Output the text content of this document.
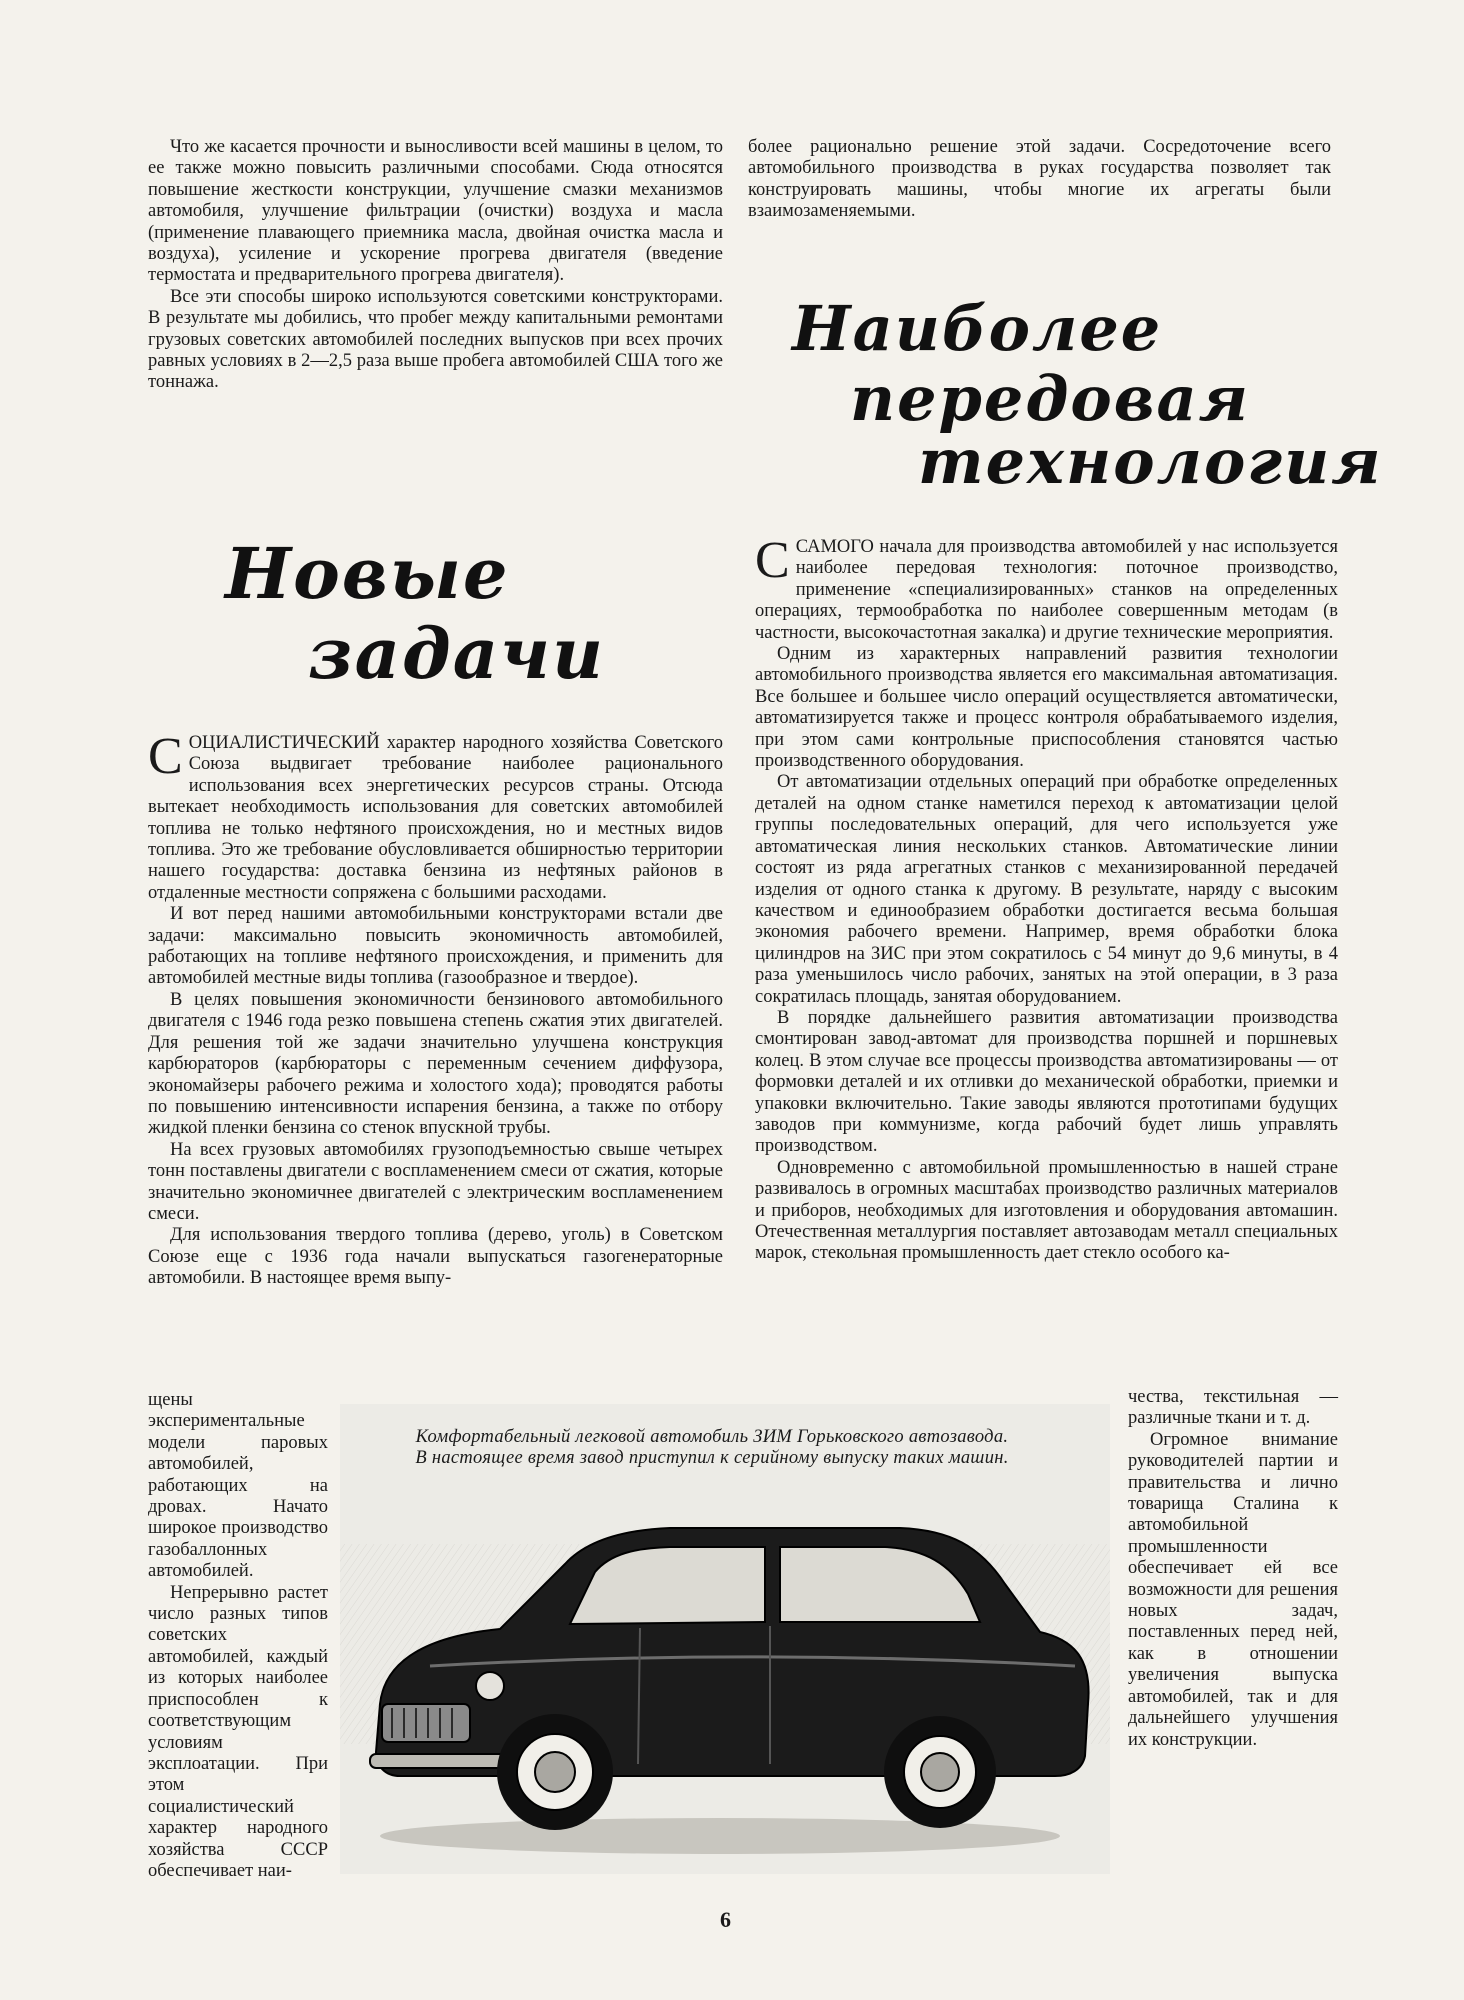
Что же касается прочности и выносливости всей машины в целом, то ее также можно повысить различными способами. Сюда относятся повышение жесткости конструкции, улучшение смазки механизмов автомобиля, улучшение фильтрации (очистки) воздуха и масла (применение плавающего приемника масла, двойная очистка масла и воздуха), усиление и ускорение прогрева двигателя (введение термостата и предварительного прогрева двигателя).

Все эти способы широко используются советскими конструкторами. В результате мы добились, что пробег между капитальными ремонтами грузовых советских автомобилей последних выпусков при всех прочих равных условиях в 2—2,5 раза выше пробега автомобилей США того же тоннажа.

более рационально решение этой задачи. Сосредоточение всего автомобильного производства в руках государства позволяет так конструировать машины, чтобы многие их агрегаты были взаимозаменяемыми.

Наиболее
передовая
технология
Новые
задачи

ССАМОГО начала для производства автомобилей у нас используется наиболее передовая технология: поточное производство, применение «специализированных» станков на определенных операциях, термообработка по наиболее совершенным методам (в частности, высокочастотная закалка) и другие технические мероприятия.

Одним из характерных направлений развития технологии автомобильного производства является его максимальная автоматизация. Все большее и большее число операций осуществляется автоматически, автоматизируется также и процесс контроля обрабатываемого изделия, при этом сами контрольные приспособления становятся частью производственного оборудования.

От автоматизации отдельных операций при обработке определенных деталей на одном станке наметился переход к автоматизации целой группы последовательных операций, для чего используется уже автоматическая линия нескольких станков. Автоматические линии состоят из ряда агрегатных станков с механизированной передачей изделия от одного станка к другому. В результате, наряду с высоким качеством и единообразием обработки достигается весьма большая экономия рабочего времени. Например, время обработки блока цилиндров на ЗИС при этом сократилось с 54 минут до 9,6 минуты, в 4 раза уменьшилось число рабочих, занятых на этой операции, в 3 раза сократилась площадь, занятая оборудованием.

В порядке дальнейшего развития автоматизации производства смонтирован завод-автомат для производства поршней и поршневых колец. В этом случае все процессы производства автоматизированы — от формовки деталей и их отливки до механической обработки, приемки и упаковки включительно. Такие заводы являются прототипами будущих заводов при коммунизме, когда рабочий будет лишь управлять производством.

Одновременно с автомобильной промышленностью в нашей стране развивалось в огромных масштабах производство различных материалов и приборов, необходимых для изготовления и оборудования автомашин. Отечественная металлургия поставляет автозаводам металл специальных марок, стекольная промышленность дает стекло особого ка-

чества, текстильная — различные ткани и т. д.

Огромное внимание руководителей партии и правительства и лично товарища Сталина к автомобильной промышленности обеспечивает ей все возможности для решения новых задач, поставленных перед ней, как в отношении увеличения выпуска автомобилей, так и для дальнейшего улучшения их конструкции.

СОЦИАЛИСТИЧЕСКИЙ характер народного хозяйства Советского Союза выдвигает требование наиболее рационального использования всех энергетических ресурсов страны. Отсюда вытекает необходимость использования для советских автомобилей топлива не только нефтяного происхождения, но и местных видов топлива. Это же требование обусловливается обширностью территории нашего государства: доставка бензина из нефтяных районов в отдаленные местности сопряжена с большими расходами.

И вот перед нашими автомобильными конструкторами встали две задачи: максимально повысить экономичность автомобилей, работающих на топливе нефтяного происхождения, и применить для автомобилей местные виды топлива (газообразное и твердое).

В целях повышения экономичности бензинового автомобильного двигателя с 1946 года резко повышена степень сжатия этих двигателей. Для решения той же задачи значительно улучшена конструкция карбюраторов (карбюраторы с переменным сечением диффузора, экономайзеры рабочего режима и холостого хода); проводятся работы по повышению интенсивности испарения бензина, а также по отбору жидкой пленки бензина со стенок впускной трубы.

На всех грузовых автомобилях грузоподъемностью свыше четырех тонн поставлены двигатели с воспламенением смеси от сжатия, которые значительно экономичнее двигателей с электрическим воспламенением смеси.

Для использования твердого топлива (дерево, уголь) в Советском Союзе еще с 1936 года начали выпускаться газогенераторные автомобили. В настоящее время выпу-

щены экспериментальные модели паровых автомобилей, работающих на дровах. Начато широкое производство газобаллонных автомобилей.

Непрерывно растет число разных типов советских автомобилей, каждый из которых наиболее приспособлен к соответствующим условиям эксплоатации. При этом социалистический характер народного хозяйства СССР обеспечивает наи-

Комфортабельный легковой автомобиль ЗИМ Горьковского автозавода. В настоящее время завод приступил к серийному выпуску таких машин.
6
